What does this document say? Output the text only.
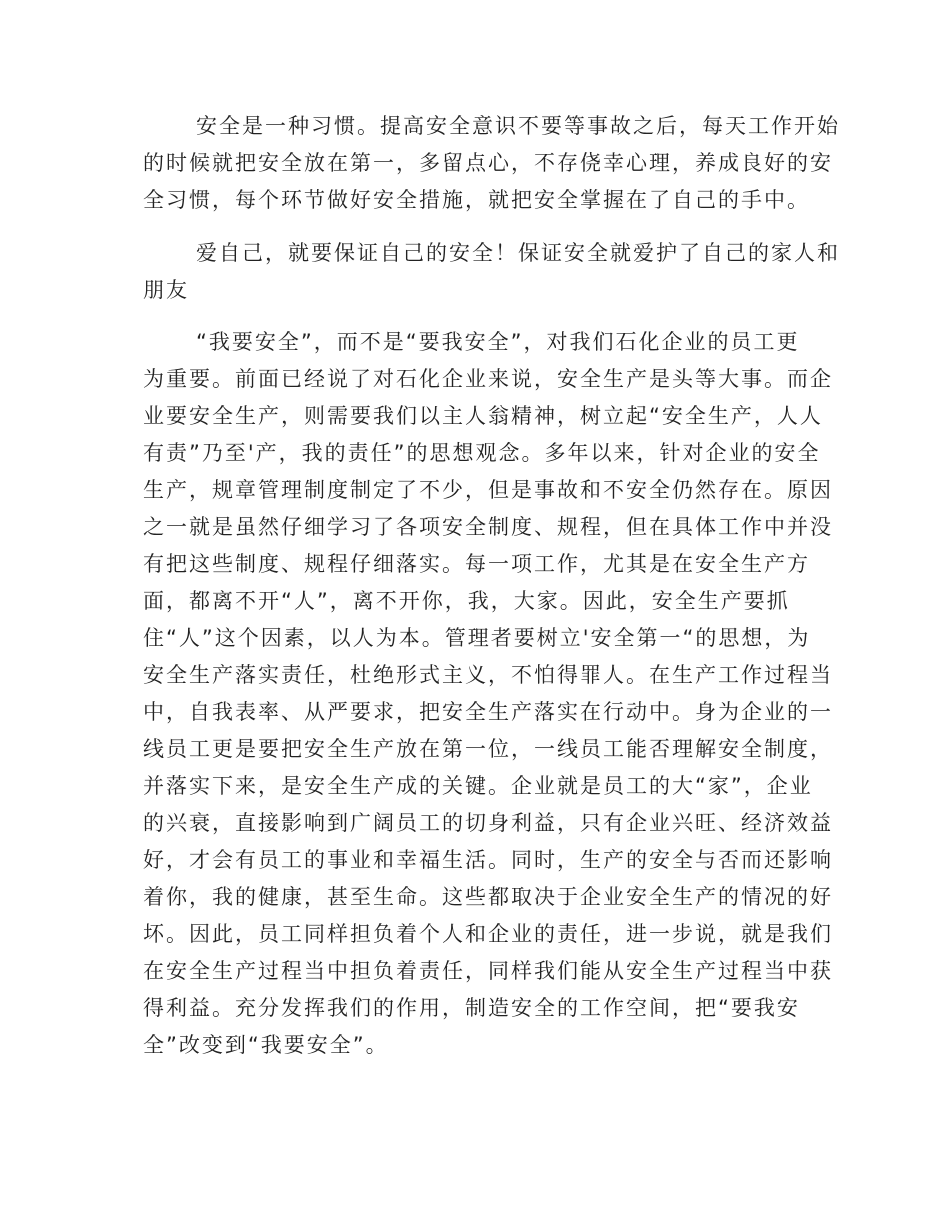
安全是一种习惯。提高安全意识不要等事故之后，每天工作开始

的时候就把安全放在第一，多留点心，不存侥幸心理，养成良好的安

全习惯，每个环节做好安全措施，就把安全掌握在了自己的手中。

爱自己，就要保证自己的安全！保证安全就爱护了自己的家人和

朋友

“我要安全”，而不是“要我安全”，对我们石化企业的员工更

为重要。前面已经说了对石化企业来说，安全生产是头等大事。而企

业要安全生产，则需要我们以主人翁精神，树立起“安全生产，人人

有责”乃至'产，我的责任”的思想观念。多年以来，针对企业的安全

生产，规章管理制度制定了不少，但是事故和不安全仍然存在。原因

之一就是虽然仔细学习了各项安全制度、规程，但在具体工作中并没

有把这些制度、规程仔细落实。每一项工作，尤其是在安全生产方

面，都离不开“人”，离不开你，我，大家。因此，安全生产要抓

住“人”这个因素，以人为本。管理者要树立'安全第一“的思想，为

安全生产落实责任，杜绝形式主义，不怕得罪人。在生产工作过程当

中，自我表率、从严要求，把安全生产落实在行动中。身为企业的一

线员工更是要把安全生产放在第一位，一线员工能否理解安全制度，

并落实下来，是安全生产成的关键。企业就是员工的大“家”，企业

的兴衰，直接影响到广阔员工的切身利益，只有企业兴旺、经济效益

好，才会有员工的事业和幸福生活。同时，生产的安全与否而还影响

着你，我的健康，甚至生命。这些都取决于企业安全生产的情况的好

坏。因此，员工同样担负着个人和企业的责任，进一步说，就是我们

在安全生产过程当中担负着责任，同样我们能从安全生产过程当中获

得利益。充分发挥我们的作用，制造安全的工作空间，把“要我安

全”改变到“我要安全”。
